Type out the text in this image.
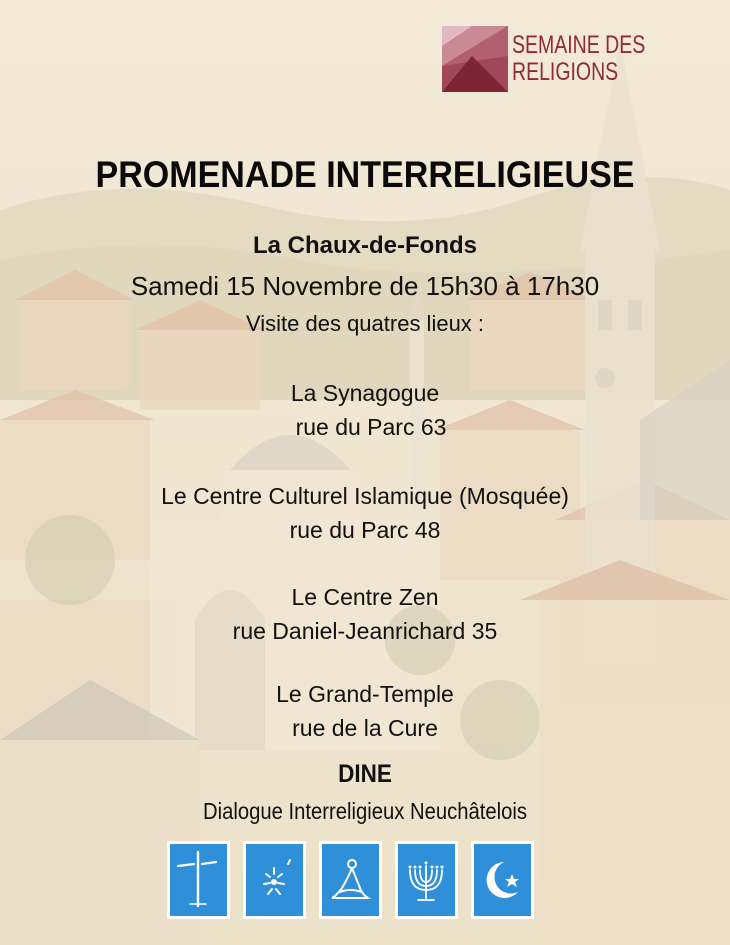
SEMAINE DES
RELIGIONS
PROMENADE INTERRELIGIEUSE
La Chaux-de-Fonds
Samedi 15 Novembre de 15h30 à 17h30
Visite des quatres lieux :
La Synagogue
rue du Parc 63
Le Centre Culturel Islamique (Mosquée)
rue du Parc 48
Le Centre Zen
rue Daniel-Jeanrichard 35
Le Grand-Temple
rue de la Cure
DINE
Dialogue Interreligieux Neuchâtelois
